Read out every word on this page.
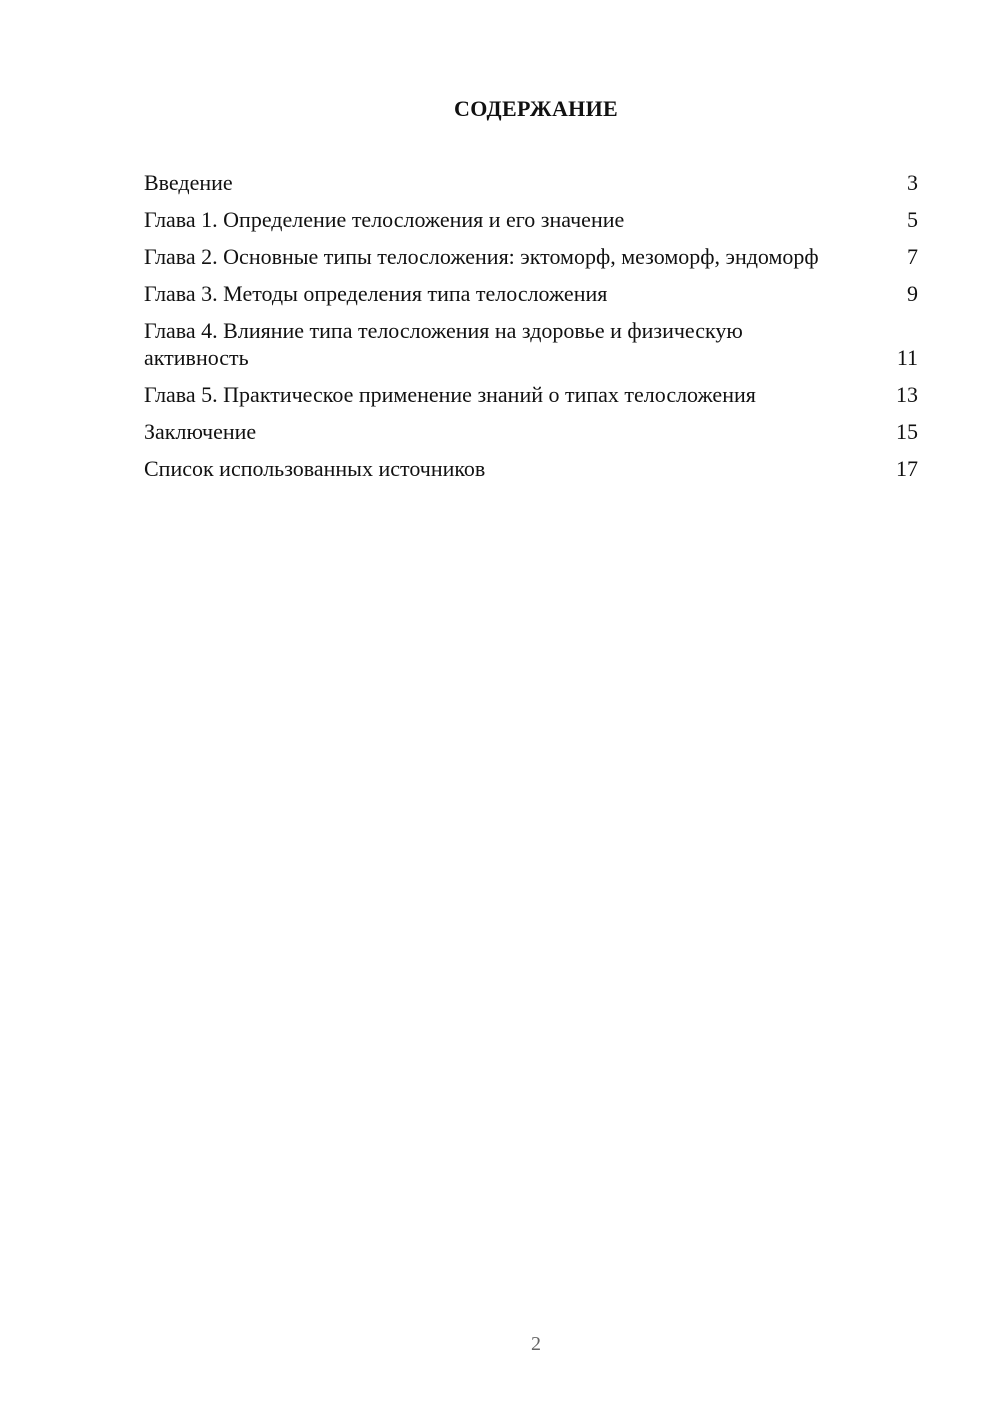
СОДЕРЖАНИЕ
Введение	3
Глава 1. Определение телосложения и его значение	5
Глава 2. Основные типы телосложения: эктоморф, мезоморф, эндоморф	7
Глава 3. Методы определения типа телосложения	9
Глава 4. Влияние типа телосложения на здоровье и физическую активность	11
Глава 5. Практическое применение знаний о типах телосложения	13
Заключение	15
Список использованных источников	17
2
